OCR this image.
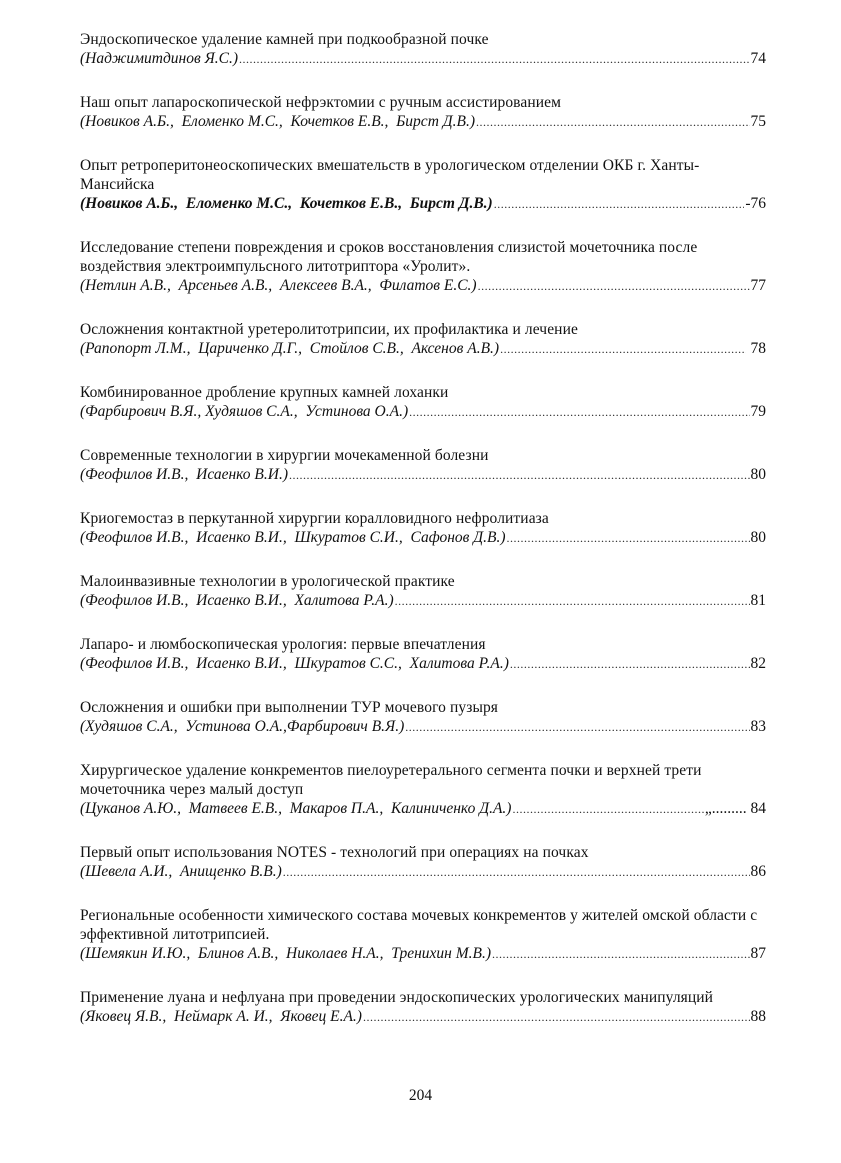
Эндоскопическое удаление камней при подкообразной почке
(Наджимитдинов Я.С.) .....	74
Наш опыт лапароскопической нефрэктомии с ручным ассистированием
(Новиков А.Б.,  Еломенко М.С.,  Кочетков Е.В.,  Бирст Д.В.) .....	75
Опыт ретроперитонеоскопических вмешательств в урологическом отделении ОКБ г. Ханты-Мансийска
(Новиков А.Б.,  Еломенко М.С.,  Кочетков Е.В.,  Бирст Д.В.) .....	-76
Исследование степени повреждения и сроков восстановления слизистой мочеточника после воздействия электроимпульсного литотриптора «Уролит».
(Нетлин А.В.,  Арсеньев А.В.,  Алексеев В.А.,  Филатов Е.С.) .....	77
Осложнения контактной уретеролитотрипсии, их профилактика и лечение
(Рапопорт Л.М.,  Цариченко Д.Г.,  Стойлов С.В.,  Аксенов А.В.) .....	78
Комбинированное дробление крупных камней лоханки
(Фарбирович В.Я., Худяшов С.А.,  Устинова О.А.) .....	79
Современные технологии в хирургии мочекаменной болезни
(Феофилов И.В.,  Исаенко В.И.) .....	80
Криогемостаз в перкутанной хирургии коралловидного нефролитиаза
(Феофилов И.В.,  Исаенко В.И.,  Шкуратов С.И.,  Сафонов Д.В.) .....	80
Малоинвазивные технологии в урологической практике
(Феофилов И.В.,  Исаенко В.И.,  Халитова Р.А.) .....	81
Лапаро- и люмбоскопическая урология: первые впечатления
(Феофилов И.В.,  Исаенко В.И.,  Шкуратов С.С.,  Халитова Р.А.) .....	82
Осложнения и ошибки при выполнении ТУР мочевого пузыря
(Худяшов С.А.,  Устинова О.А.,Фарбирович В.Я.) .....	83
Хирургическое удаление конкрементов пиелоуретерального сегмента почки и верхней трети мочеточника через малый доступ
(Цуканов А.Ю.,  Матвеев Е.В.,  Макаров П.А.,  Калиниченко Д.А.) .....	„......... 84
Первый опыт использования NOTES - технологий при операциях на почках
(Шевела А.И.,  Анищенко В.В.) .....	86
Региональные особенности химического состава мочевых конкрементов у жителей омской области с эффективной литотрипсией.
(Шемякин И.Ю.,  Блинов А.В.,  Николаев Н.А.,  Тренихин М.В.) .....	87
Применение луана и нефлуана при проведении эндоскопических урологических манипуляций
(Яковец Я.В.,  Неймарк А. И.,  Яковец Е.А.) .....	88
204
